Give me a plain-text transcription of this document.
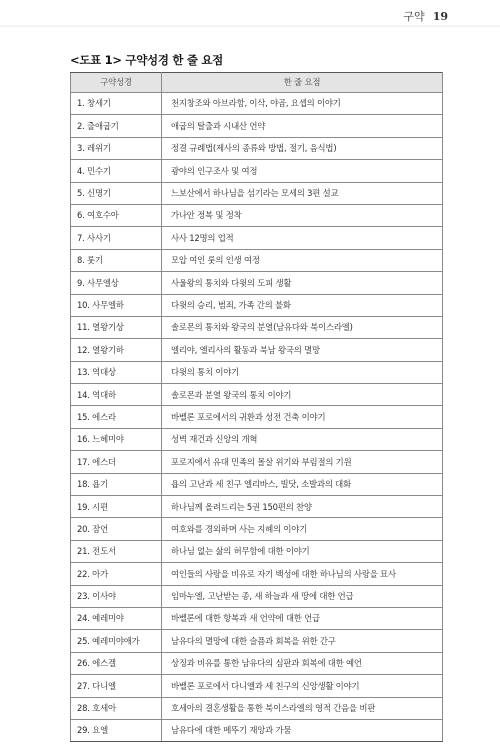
구약 19
<도표 1> 구약성경 한 줄 요점
구약성경	한 줄 요점
1. 창세기	천지창조와 아브라함, 이삭, 야곱, 요셉의 이야기
2. 출애굽기	애굽의 탈출과 시내산 언약
3. 레위기	정결 규례법(제사의 종류와 방법, 절기, 음식법)
4. 민수기	광야의 인구조사 및 여정
5. 신명기	느보산에서 하나님을 섬기라는 모세의 3편 설교
6. 여호수아	가나안 정복 및 정착
7. 사사기	사사 12명의 업적
8. 룻기	모압 여인 룻의 인생 여정
9. 사무엘상	사울왕의 통치와 다윗의 도피 생활
10. 사무엘하	다윗의 승리, 범죄, 가족 간의 불화
11. 열왕기상	솔로몬의 통치와 왕국의 분열(남유다와 북이스라엘)
12. 열왕기하	엘리야, 엘리사의 활동과 북남 왕국의 멸망
13. 역대상	다윗의 통치 이야기
14. 역대하	솔로몬과 분열 왕국의 통치 이야기
15. 에스라	바벨론 포로에서의 귀환과 성전 건축 이야기
16. 느헤미야	성벽 재건과 신앙의 개혁
17. 에스더	포로지에서 유대 민족의 몰살 위기와 부림절의 기원
18. 욥기	욥의 고난과 세 친구 엘리바스, 빌닷, 소발과의 대화
19. 시편	하나님께 올려드리는 5권 150편의 찬양
20. 잠언	여호와를 경외하며 사는 지혜의 이야기
21. 전도서	하나님 없는 삶의 허무함에 대한 이야기
22. 아가	여인들의 사랑을 비유로 자기 백성에 대한 하나님의 사랑을 묘사
23. 이사야	임마누엘, 고난받는 종, 새 하늘과 새 땅에 대한 언급
24. 예레미야	바벨론에 대한 항복과 새 언약에 대한 언급
25. 예레미야애가	남유다의 멸망에 대한 슬픔과 회복을 위한 간구
26. 에스겔	상징과 비유를 통한 남유다의 심판과 회복에 대한 예언
27. 다니엘	바벨론 포로에서 다니엘과 세 친구의 신앙생활 이야기
28. 호세아	호세아의 결혼생활을 통한 북이스라엘의 영적 간음을 비판
29. 요엘	남유다에 대한 메뚜기 재앙과 가뭄
